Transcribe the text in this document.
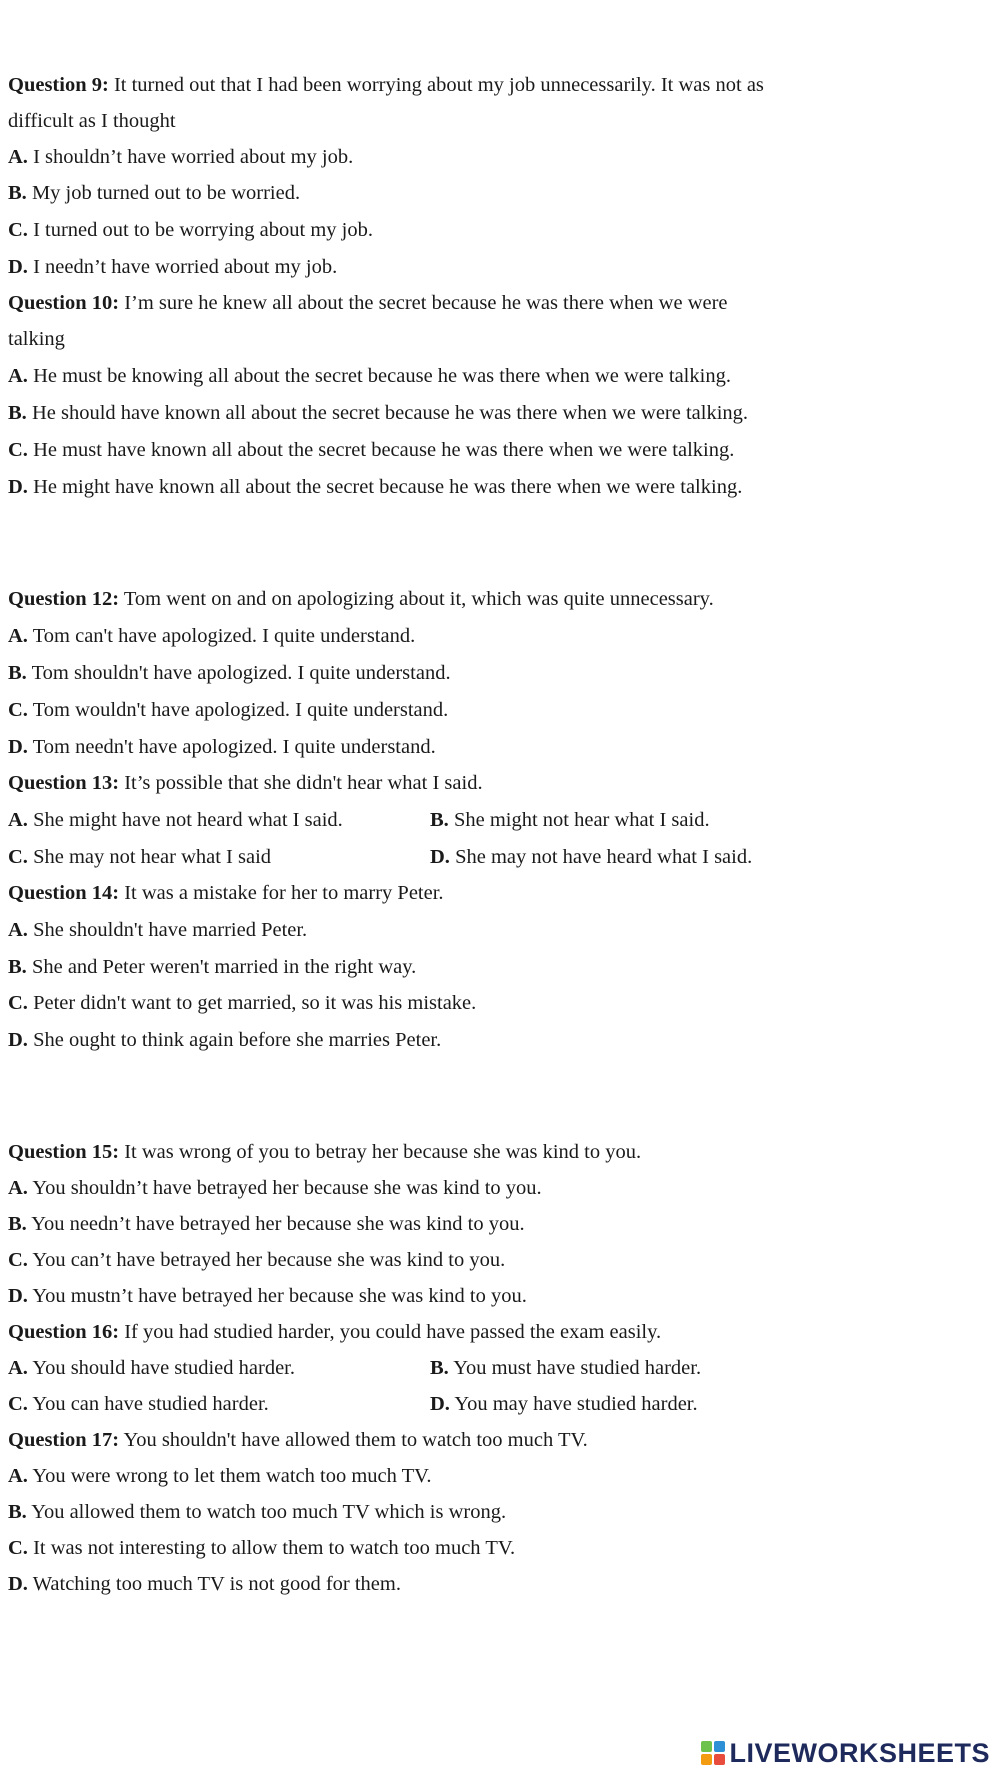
Question 9: It turned out that I had been worrying about my job unnecessarily. It was not as
difficult as I thought
A. I shouldn’t have worried about my job.
B. My job turned out to be worried.
C. I turned out to be worrying about my job.
D. I needn’t have worried about my job.
Question 10: I’m sure he knew all about the secret because he was there when we were
talking
A. He must be knowing all about the secret because he was there when we were talking.
B. He should have known all about the secret because he was there when we were talking.
C. He must have known all about the secret because he was there when we were talking.
D. He might have known all about the secret because he was there when we were talking.
Question 12: Tom went on and on apologizing about it, which was quite unnecessary.
A. Tom can't have apologized. I quite understand.
B. Tom shouldn't have apologized. I quite understand.
C. Tom wouldn't have apologized. I quite understand.
D. Tom needn't have apologized. I quite understand.
Question 13: It’s possible that she didn't hear what I said.
A. She might have not heard what I said.	B. She might not hear what I said.
C. She may not hear what I said	D. She may not have heard what I said.
Question 14: It was a mistake for her to marry Peter.
A. She shouldn't have married Peter.
B. She and Peter weren't married in the right way.
C. Peter didn't want to get married, so it was his mistake.
D. She ought to think again before she marries Peter.
Question 15: It was wrong of you to betray her because she was kind to you.
A. You shouldn’t have betrayed her because she was kind to you.
B. You needn’t have betrayed her because she was kind to you.
C. You can’t have betrayed her because she was kind to you.
D. You mustn’t have betrayed her because she was kind to you.
Question 16: If you had studied harder, you could have passed the exam easily.
A. You should have studied harder.	B. You must have studied harder.
C. You can have studied harder.	D. You may have studied harder.
Question 17: You shouldn't have allowed them to watch too much TV.
A. You were wrong to let them watch too much TV.
B. You allowed them to watch too much TV which is wrong.
C. It was not interesting to allow them to watch too much TV.
D. Watching too much TV is not good for them.
LIVEWORKSHEETS
